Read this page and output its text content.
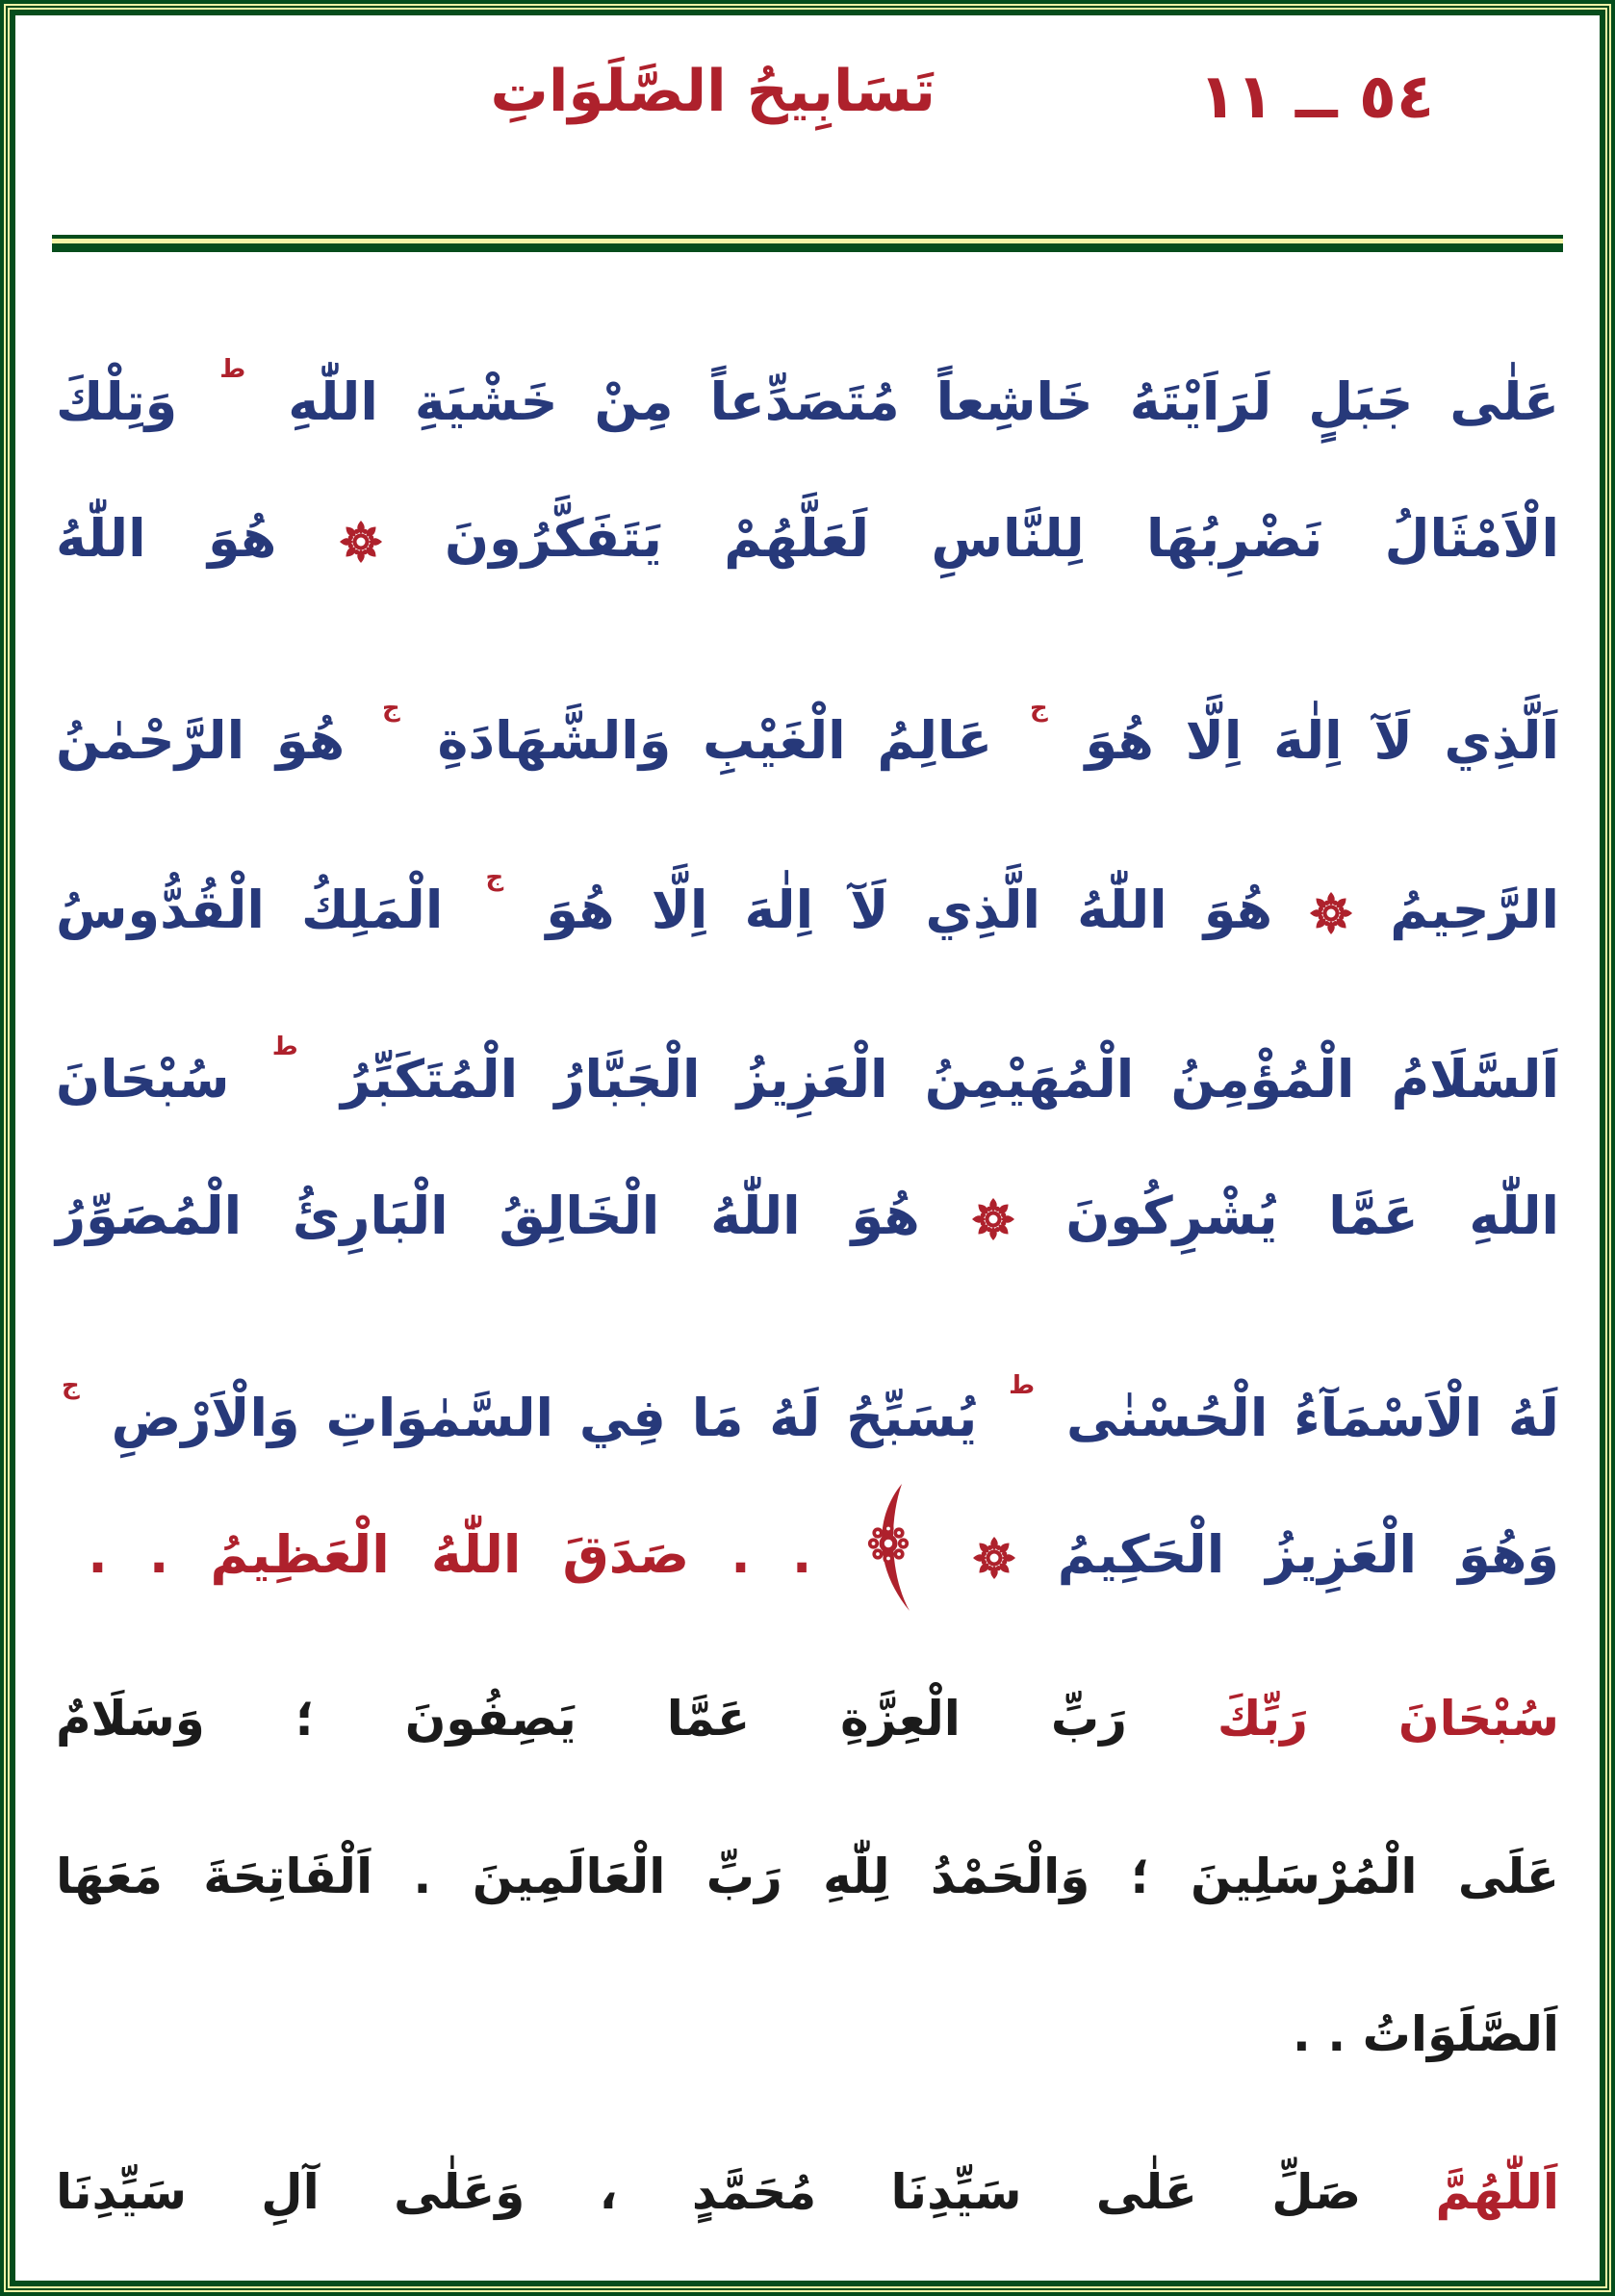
٥٤ ــ ١١
تَسَابِيحُ الصَّلَوَاتِ
عَلٰى جَبَلٍ لَرَاَيْتَهُ خَاشِعاً مُتَصَدِّعاً مِنْ خَشْيَةِ اللّٰهِ $^ط$ وَتِلْكَ
الْاَمْثَالُ نَضْرِبُهَا لِلنَّاسِ لَعَلَّهُمْ يَتَفَكَّرُونَ  هُوَ اللّٰهُ
اَلَّذِي لَآ اِلٰهَ اِلَّا هُوَ $^ج$ عَالِمُ الْغَيْبِ وَالشَّهَادَةِ $^ج$ هُوَ الرَّحْمٰنُ
الرَّحِيمُ  هُوَ اللّٰهُ الَّذِي لَآ اِلٰهَ اِلَّا هُوَ $^ج$ الْمَلِكُ الْقُدُّوسُ
اَلسَّلَامُ الْمُؤْمِنُ الْمُهَيْمِنُ الْعَزِيزُ الْجَبَّارُ الْمُتَكَبِّرُ $^ط$ سُبْحَانَ
اللّٰهِ عَمَّا يُشْرِكُونَ  هُوَ اللّٰهُ الْخَالِقُ الْبَارِئُ الْمُصَوِّرُ
لَهُ الْاَسْمَآءُ الْحُسْنٰى $^ط$ يُسَبِّحُ لَهُ مَا فِي السَّمٰوَاتِ وَالْاَرْضِ $^ج$
وَهُوَ الْعَزِيزُ الْحَكِيمُ   . . صَدَقَ اللّٰهُ الْعَظِيمُ . .
سُبْحَانَ رَبِّكَ رَبِّ الْعِزَّةِ عَمَّا يَصِفُونَ ؛ وَسَلَامٌ
عَلَى الْمُرْسَلِينَ ؛ وَالْحَمْدُ لِلّٰهِ رَبِّ الْعَالَمِينَ . اَلْفَاتِحَةَ مَعَهَا
اَلصَّلَوَاتُ . .
اَللّٰهُمَّ صَلِّ عَلٰى سَيِّدِنَا مُحَمَّدٍ ، وَعَلٰى آلِ سَيِّدِنَا
